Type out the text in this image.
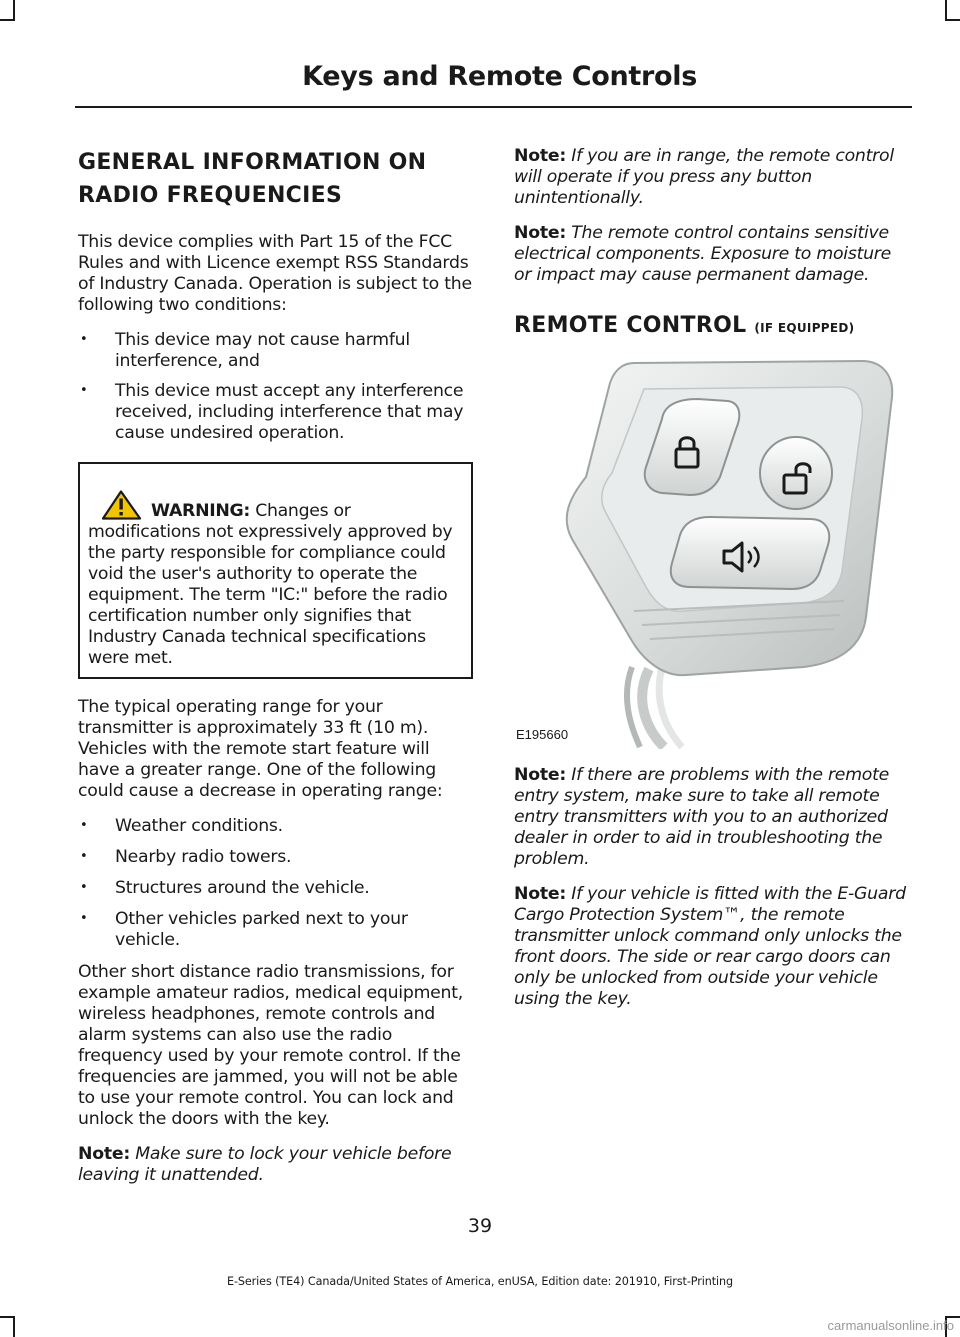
Keys and Remote Controls
GENERAL INFORMATION ON
RADIO FREQUENCIES

This device complies with Part 15 of the FCC Rules and with Licence exempt RSS Standards of Industry Canada. Operation is subject to the following two conditions:

• This device may not cause harmful interference, and
• This device must accept any interference received, including interference that may cause undesired operation.
WARNING: Changes or modifications not expressively approved by the party responsible for compliance could void the user's authority to operate the equipment. The term "IC:" before the radio certification number only signifies that Industry Canada technical specifications were met.

The typical operating range for your transmitter is approximately 33 ft (10 m). Vehicles with the remote start feature will have a greater range. One of the following could cause a decrease in operating range:

• Weather conditions.
• Nearby radio towers.
• Structures around the vehicle.
• Other vehicles parked next to your vehicle.

Other short distance radio transmissions, for example amateur radios, medical equipment, wireless headphones, remote controls and alarm systems can also use the radio frequency used by your remote control. If the frequencies are jammed, you will not be able to use your remote control. You can lock and unlock the doors with the key.

Note: Make sure to lock your vehicle before leaving it unattended.

Note: If you are in range, the remote control will operate if you press any button unintentionally.

Note: The remote control contains sensitive electrical components. Exposure to moisture or impact may cause permanent damage.

REMOTE CONTROL (IF EQUIPPED)
E195660

Note: If there are problems with the remote entry system, make sure to take all remote entry transmitters with you to an authorized dealer in order to aid in troubleshooting the problem.

Note: If your vehicle is fitted with the E-Guard Cargo Protection System™, the remote transmitter unlock command only unlocks the front doors. The side or rear cargo doors can only be unlocked from outside your vehicle using the key.

39
E-Series (TE4) Canada/United States of America, enUSA, Edition date: 201910, First-Printing
carmanualsonline.info
